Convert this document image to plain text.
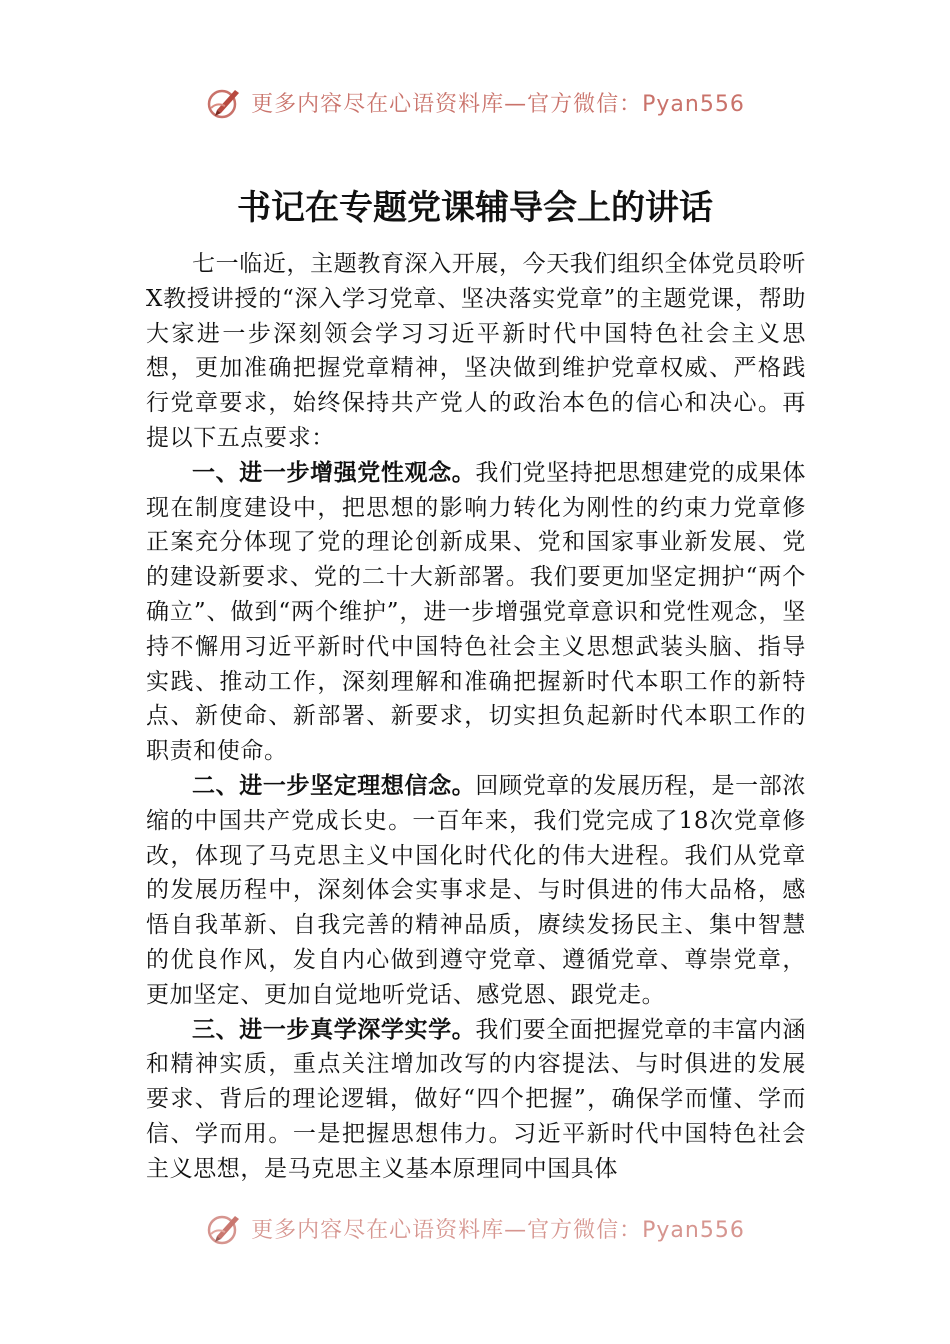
更多内容尽在心语资料库—官方微信：Pyan556
书记在专题党课辅导会上的讲话

七一临近，主题教育深入开展，今天我们组织全体党员聆听X教授讲授的“深入学习党章、坚决落实党章”的主题党课，帮助大家进一步深刻领会学习习近平新时代中国特色社会主义思想，更加准确把握党章精神，坚决做到维护党章权威、严格践行党章要求，始终保持共产党人的政治本色的信心和决心。再提以下五点要求：

一、进一步增强党性观念。我们党坚持把思想建党的成果体现在制度建设中，把思想的影响力转化为刚性的约束力党章修正案充分体现了党的理论创新成果、党和国家事业新发展、党的建设新要求、党的二十大新部署。我们要更加坚定拥护“两个确立”、做到“两个维护”，进一步增强党章意识和党性观念，坚持不懈用习近平新时代中国特色社会主义思想武装头脑、指导实践、推动工作，深刻理解和准确把握新时代本职工作的新特点、新使命、新部署、新要求，切实担负起新时代本职工作的职责和使命。

二、进一步坚定理想信念。回顾党章的发展历程，是一部浓缩的中国共产党成长史。一百年来，我们党完成了18次党章修改，体现了马克思主义中国化时代化的伟大进程。我们从党章的发展历程中，深刻体会实事求是、与时俱进的伟大品格，感悟自我革新、自我完善的精神品质，赓续发扬民主、集中智慧的优良作风，发自内心做到遵守党章、遵循党章、尊崇党章，更加坚定、更加自觉地听党话、感党恩、跟党走。

三、进一步真学深学实学。我们要全面把握党章的丰富内涵和精神实质，重点关注增加改写的内容提法、与时俱进的发展要求、背后的理论逻辑，做好“四个把握”，确保学而懂、学而信、学而用。一是把握思想伟力。习近平新时代中国特色社会主义思想，是马克思主义基本原理同中国具体

更多内容尽在心语资料库—官方微信：Pyan556
